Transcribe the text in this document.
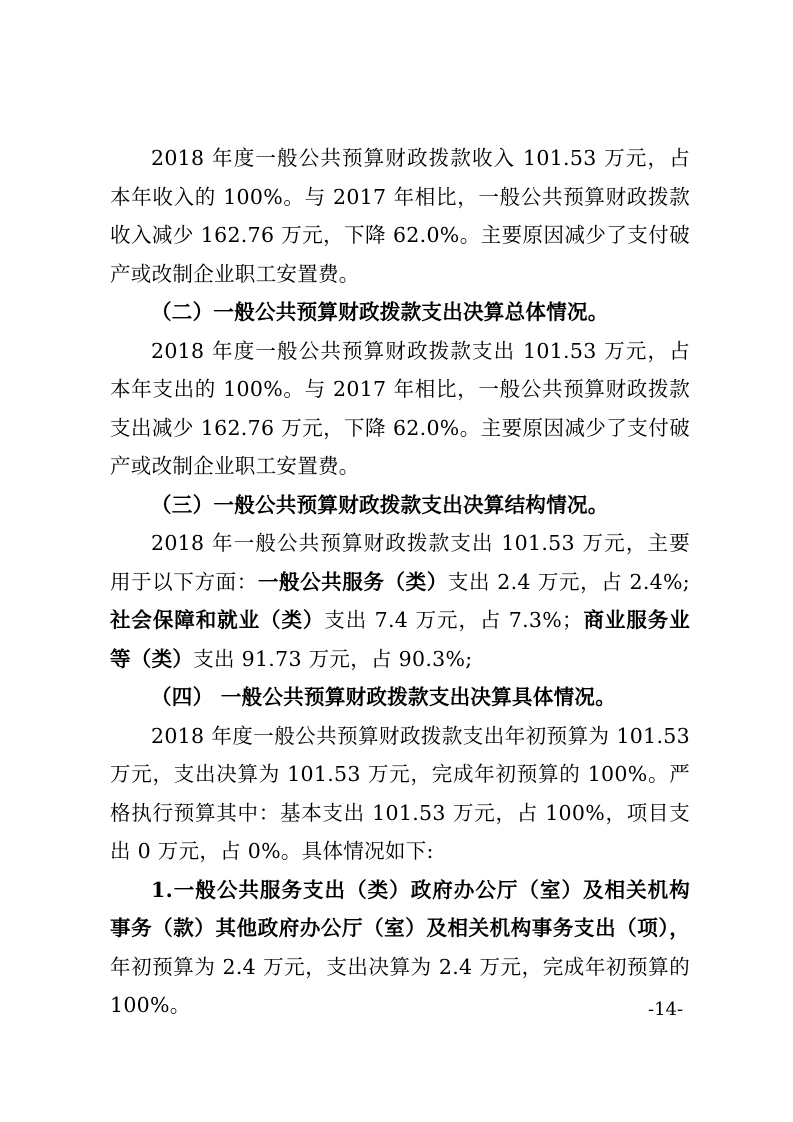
2018 年度一般公共预算财政拨款收入 101.53 万元，占本年收入的 100%。与 2017 年相比，一般公共预算财政拨款收入减少 162.76 万元，下降 62.0%。主要原因减少了支付破产或改制企业职工安置费。

（二）一般公共预算财政拨款支出决算总体情况。

2018 年度一般公共预算财政拨款支出 101.53 万元，占本年支出的 100%。与 2017 年相比，一般公共预算财政拨款支出减少 162.76 万元，下降 62.0%。主要原因减少了支付破产或改制企业职工安置费。

（三）一般公共预算财政拨款支出决算结构情况。

2018 年一般公共预算财政拨款支出 101.53 万元，主要用于以下方面：一般公共服务（类）支出 2.4 万元，占 2.4%;社会保障和就业（类）支出 7.4 万元，占 7.3%；商业服务业等（类）支出 91.73 万元，占 90.3%;

（四） 一般公共预算财政拨款支出决算具体情况。

2018 年度一般公共预算财政拨款支出年初预算为 101.53 万元，支出决算为 101.53 万元，完成年初预算的 100%。严格执行预算其中：基本支出 101.53 万元，占 100%，项目支出 0 万元，占 0%。具体情况如下:

1.一般公共服务支出（类）政府办公厅（室）及相关机构事务（款）其他政府办公厅（室）及相关机构事务支出（项），年初预算为 2.4 万元，支出决算为 2.4 万元，完成年初预算的 100%。	-14-
